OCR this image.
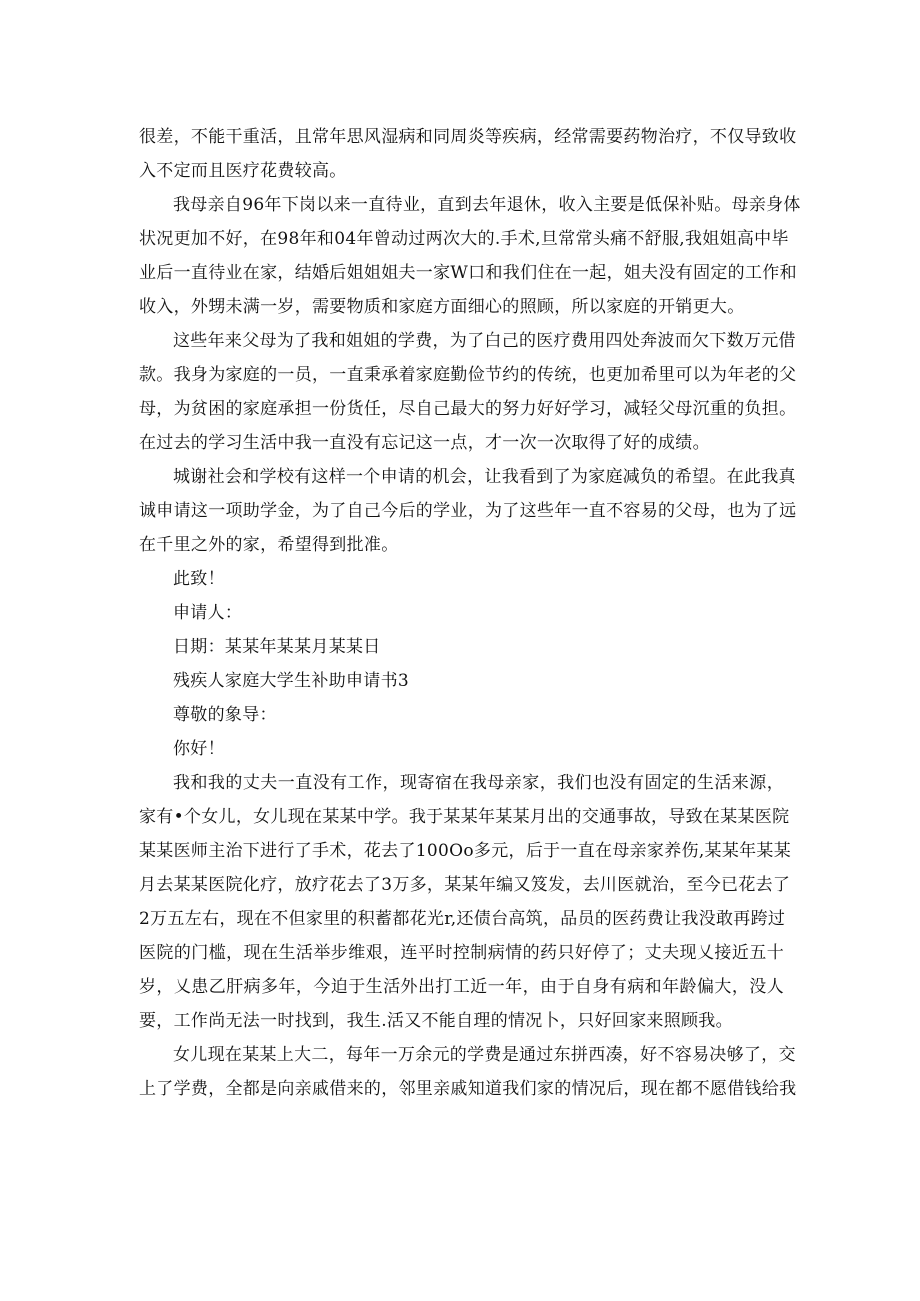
很差，不能干重活，且常年思风湿病和同周炎等疾病，经常需要药物治疗，不仅导致收
入不定而且医疗花费较高。
我母亲自96年下岗以来一直待业，直到去年退休，收入主要是低保补贴。母亲身体
状况更加不好，在98年和04年曾动过两次大的.手术,旦常常头痛不舒服,我姐姐高中毕
业后一直待业在家，结婚后姐姐姐夫一家W口和我们住在一起，姐夫没有固定的工作和
收入，外甥未满一岁，需要物质和家庭方面细心的照顾，所以家庭的开销更大。
这些年来父母为了我和姐姐的学费，为了白己的医疗费用四处奔波而欠下数万元借
款。我身为家庭的一员，一直秉承着家庭勤俭节约的传统，也更加希里可以为年老的父
母，为贫困的家庭承担一份货任，尽自己最大的努力好好学习，减轻父母沉重的负担。
在过去的学习生活中我一直没有忘记这一点，才一次一次取得了好的成绩。
城谢社会和学校有这样一个申请的机会，让我看到了为家庭减负的希望。在此我真
诚申请这一项助学金，为了自己今后的学业，为了这些年一直不容易的父母，也为了远
在千里之外的家，希望得到批准。
此致！
申请人：
日期：某某年某某月某某日
残疾人家庭大学生补助申请书3
尊敬的象导：
你好！
我和我的丈夫一直没有工作，现寄宿在我母亲家，我们也没有固定的生活来源，
家有•个女儿，女儿现在某某中学。我于某某年某某月出的交通事故，导致在某某医院
某某医师主治下进行了手术，花去了100Oo多元，后于一直在母亲家养伤,某某年某某
月去某某医院化疗，放疗花去了3万多，某某年编又笈发，去川医就治，至今已花去了
2万五左右，现在不但家里的积蓄都花光r,还债台高筑，品员的医药费让我没敢再跨过
医院的门槛，现在生活举步维艰，连平时控制病情的药只好停了；丈夫现乂接近五十
岁，乂患乙肝病多年，今迫于生活外出打工近一年，由于自身有病和年龄偏大，没人
要，工作尚无法一时找到，我生.活又不能自理的情况卜，只好回家来照顾我。
女儿现在某某上大二，每年一万余元的学费是通过东拼西凑，好不容易决够了，交
上了学费，全都是向亲戚借来的，邻里亲戚知道我们家的情况后，现在都不愿借钱给我
